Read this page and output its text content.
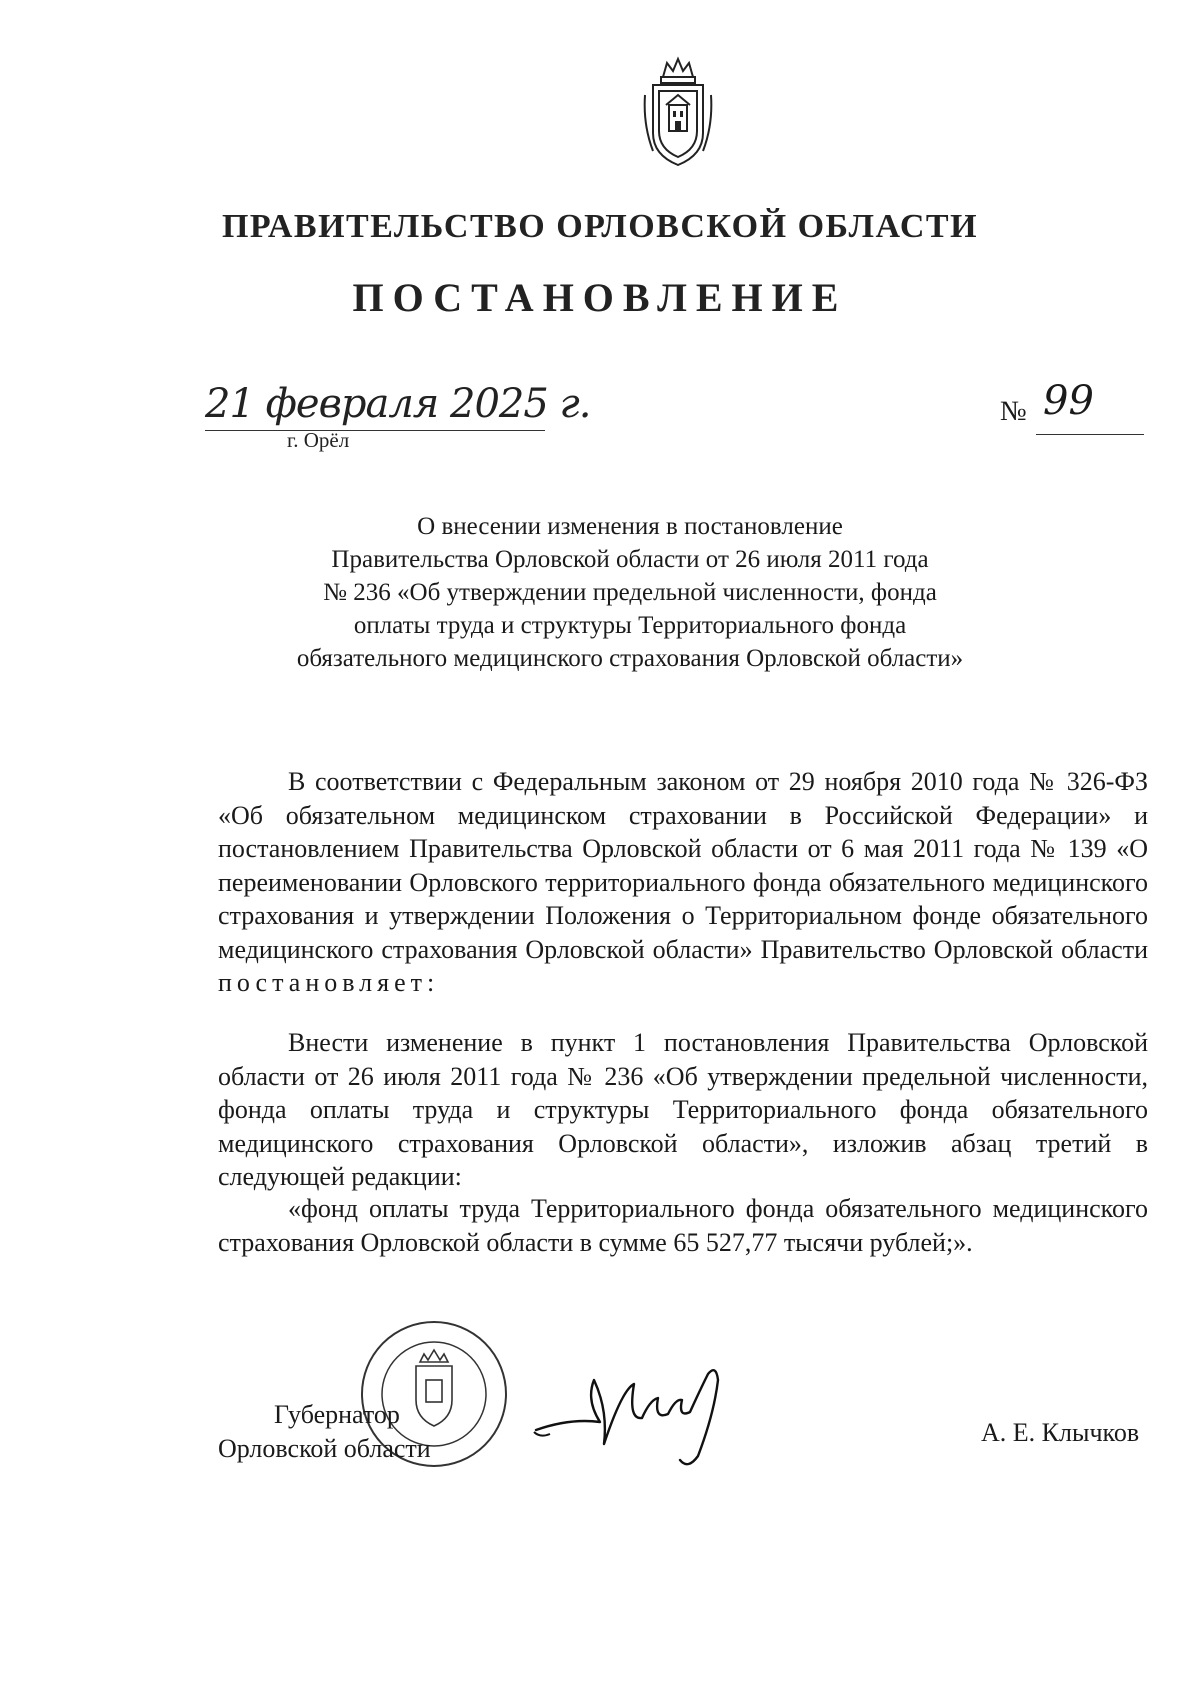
ПРАВИТЕЛЬСТВО ОРЛОВСКОЙ ОБЛАСТИ
ПОСТАНОВЛЕНИЕ
21 февраля 2025 г.
г. Орёл
№ 99
О внесении изменения в постановление
Правительства Орловской области от 26 июля 2011 года
№ 236 «Об утверждении предельной численности, фонда
оплаты труда и структуры Территориального фонда
обязательного медицинского страхования Орловской области»

В соответствии с Федеральным законом от 29 ноября 2010 года № 326-ФЗ «Об обязательном медицинском страховании в Российской Федерации» и постановлением Правительства Орловской области от 6 мая 2011 года № 139 «О переименовании Орловского территориального фонда обязательного медицинского страхования и утверждении Положения о Территориальном фонде обязательного медицинского страхования Орловской области» Правительство Орловской области постановляет:

Внести изменение в пункт 1 постановления Правительства Орловской области от 26 июля 2011 года № 236 «Об утверждении предельной численности, фонда оплаты труда и структуры Территориального фонда обязательного медицинского страхования Орловской области», изложив абзац третий в следующей редакции:

«фонд оплаты труда Территориального фонда обязательного медицинского страхования Орловской области в сумме 65 527,77 тысячи рублей;».

Губернатор
Орловской области
А. Е. Клычков
